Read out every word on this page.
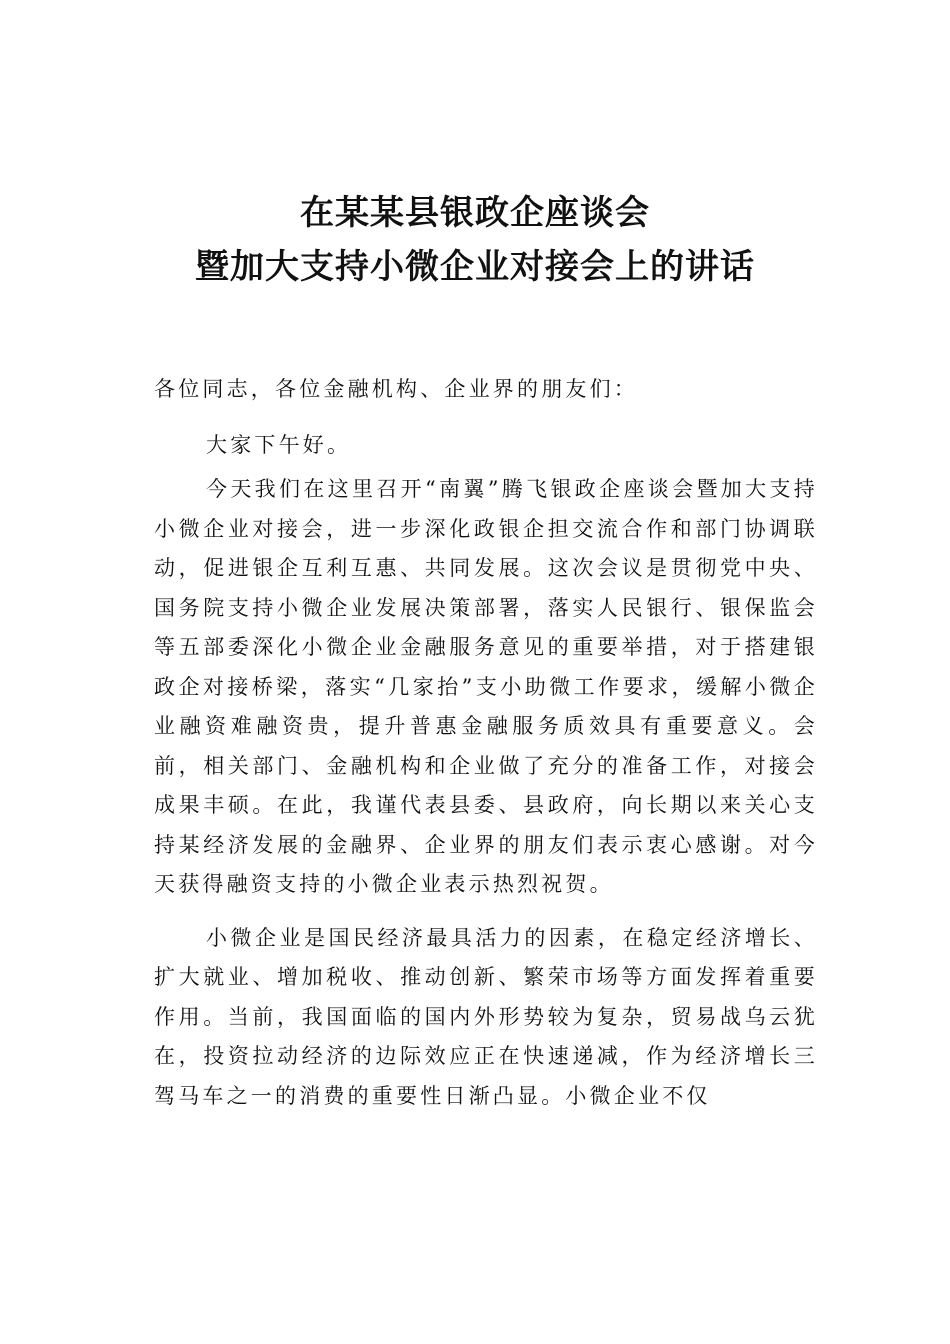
在某某县银政企座谈会
暨加大支持小微企业对接会上的讲话

各位同志，各位金融机构、企业界的朋友们：

大家下午好。

今天我们在这里召开“南翼”腾飞银政企座谈会暨加大支持小微企业对接会，进一步深化政银企担交流合作和部门协调联动，促进银企互利互惠、共同发展。这次会议是贯彻党中央、国务院支持小微企业发展决策部署，落实人民银行、银保监会等五部委深化小微企业金融服务意见的重要举措，对于搭建银政企对接桥梁，落实“几家抬”支小助微工作要求，缓解小微企业融资难融资贵，提升普惠金融服务质效具有重要意义。会前，相关部门、金融机构和企业做了充分的准备工作，对接会成果丰硕。在此，我谨代表县委、县政府，向长期以来关心支持某经济发展的金融界、企业界的朋友们表示衷心感谢。对今天获得融资支持的小微企业表示热烈祝贺。

小微企业是国民经济最具活力的因素，在稳定经济增长、扩大就业、增加税收、推动创新、繁荣市场等方面发挥着重要作用。当前，我国面临的国内外形势较为复杂，贸易战乌云犹在，投资拉动经济的边际效应正在快速递减，作为经济增长三驾马车之一的消费的重要性日渐凸显。小微企业不仅
